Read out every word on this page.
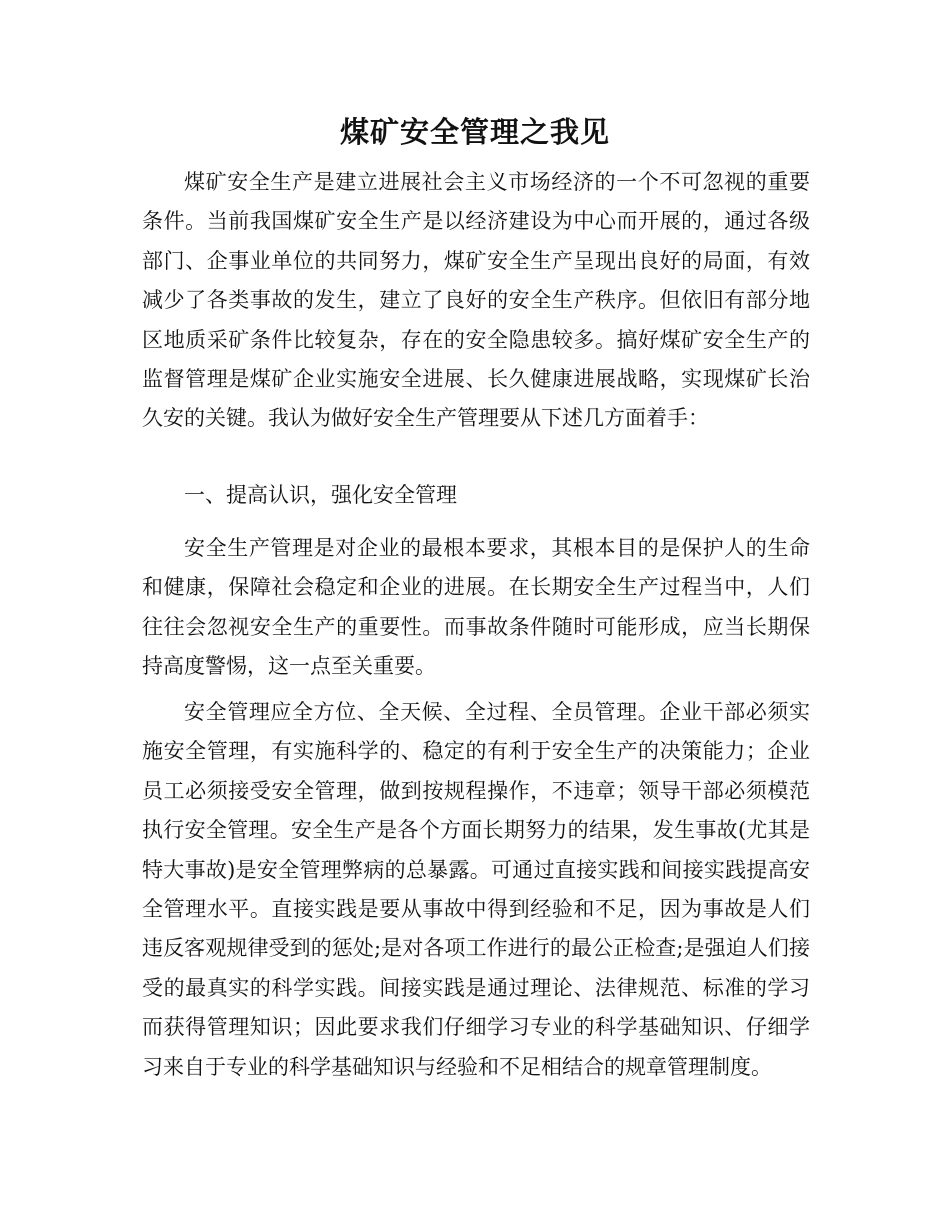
煤矿安全管理之我见

煤矿安全生产是建立进展社会主义市场经济的一个不可忽视的重要条件。当前我国煤矿安全生产是以经济建设为中心而开展的，通过各级部门、企事业单位的共同努力，煤矿安全生产呈现出良好的局面，有效减少了各类事故的发生，建立了良好的安全生产秩序。但依旧有部分地区地质采矿条件比较复杂，存在的安全隐患较多。搞好煤矿安全生产的监督管理是煤矿企业实施安全进展、长久健康进展战略，实现煤矿长治久安的关键。我认为做好安全生产管理要从下述几方面着手：

一、提高认识，强化安全管理

安全生产管理是对企业的最根本要求，其根本目的是保护人的生命和健康，保障社会稳定和企业的进展。在长期安全生产过程当中，人们往往会忽视安全生产的重要性。而事故条件随时可能形成，应当长期保持高度警惕，这一点至关重要。

安全管理应全方位、全天候、全过程、全员管理。企业干部必须实施安全管理，有实施科学的、稳定的有利于安全生产的决策能力；企业员工必须接受安全管理，做到按规程操作，不违章；领导干部必须模范执行安全管理。安全生产是各个方面长期努力的结果，发生事故(尤其是特大事故)是安全管理弊病的总暴露。可通过直接实践和间接实践提高安全管理水平。直接实践是要从事故中得到经验和不足，因为事故是人们违反客观规律受到的惩处;是对各项工作进行的最公正检查;是强迫人们接受的最真实的科学实践。间接实践是通过理论、法律规范、标准的学习而获得管理知识；因此要求我们仔细学习专业的科学基础知识、仔细学习来自于专业的科学基础知识与经验和不足相结合的规章管理制度。
